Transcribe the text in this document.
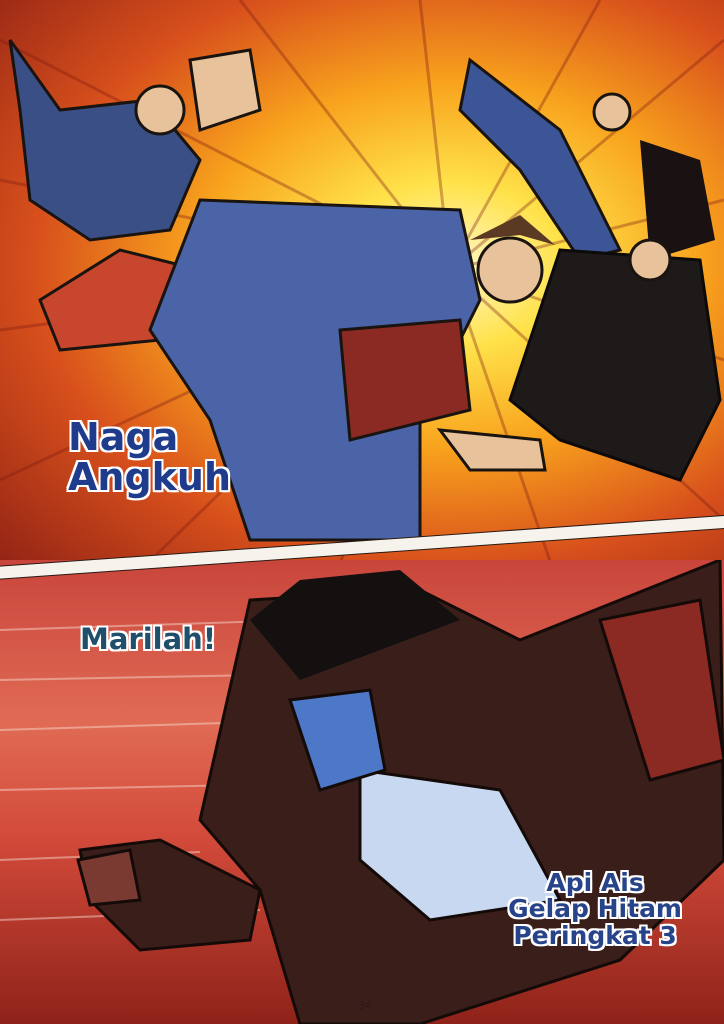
Naga
Angkuh
Marilah!
Api Ais
Gelap Hitam
Peringkat 3
34
